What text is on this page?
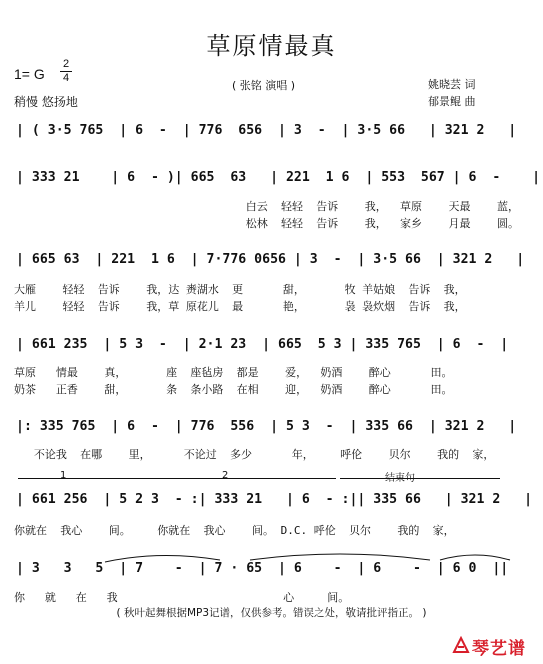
草原情最真
1= G
2
4
稍慢 悠扬地
( 张铭 演唱 )	姚晓芸 词
郁景鲲 曲
| ( 3·5 765  | 6  -  | 776  656  | 3  -  | 3·5 66   | 321 2   |
| 333 21    | 6  - )| 665  63   | 221  1 6  | 553  567 | 6  -    |
白云  轻轻  告诉    我，  草原    天最    蓝，
松林  轻轻  告诉    我，  家乡    月最    圆。
| 665 63  | 221  1 6  | 7·776 0656 | 3  -  | 3·5 66  | 321 2   |
大雁    轻轻  告诉    我，达 赉湖水  更      甜，      牧 羊姑娘  告诉  我，
羊儿    轻轻  告诉    我，草 原花儿  最      艳，      袅 袅炊烟  告诉  我，
| 661 235  | 5 3  -  | 2·1 23  | 665  5 3 | 335 765  | 6  -  |
草原   情最    真，      座  座毡房  都是    爱，  奶酒    醉心      田。
奶茶   正香    甜，      条  条小路  在相    迎，  奶酒    醉心      田。
|: 335 765  | 6  -  | 776  556  | 5 3  -  | 335 66  | 321 2   |
不论我  在哪    里，     不论过  多少      年，    呼伦    贝尔    我的  家，
1	2	结束句
| 661 256  | 5 2 3  - :| 333 21   | 6  - :|| 335 66   | 321 2   |
你就在  我心    间。    你就在  我心    间。 D.C. 呼伦  贝尔    我的  家，
| 3   3   5  | 7    -  | 7 · 65  | 6    -  | 6    -  | 6 0  ||
你   就   在   我                         心     间。
( 秋叶起舞根据MP3记谱，仅供参考。错误之处，敬请批评指正。 )
琴艺谱
